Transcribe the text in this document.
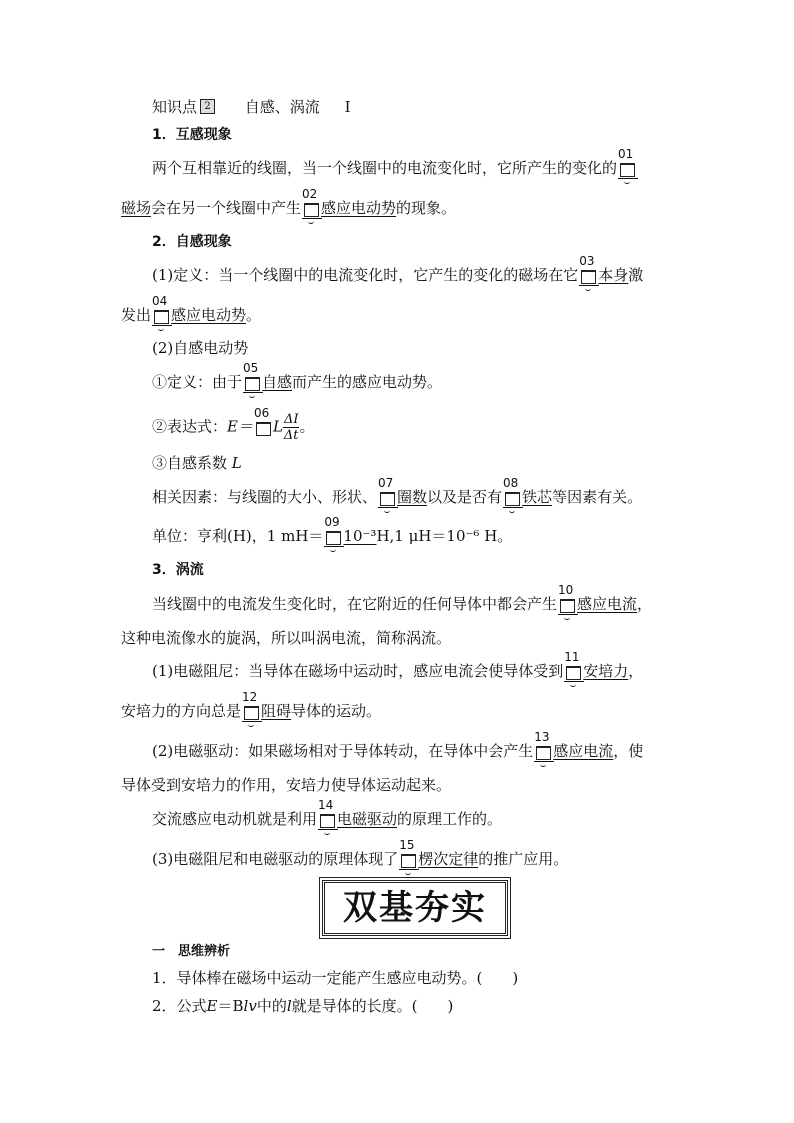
知识点 2 自感、涡流 Ⅰ
1．互感现象
两个互相靠近的线圈，当一个线圈中的电流变化时，它所产生的变化的
01
磁场会在另一个线圈中产生
02
感应电动势的现象。
2．自感现象
(1)定义：当一个线圈中的电流变化时，它产生的变化的磁场在它
03
本身激
发出
04
感应电动势。
(2)自感电动势
①定义：由于
05
自感而产生的感应电动势。
②表达式：E＝
06
L $\frac{\Delta I}{\Delta t}$ 。
③自感系数 L
相关因素：与线圈的大小、形状、
07
圈数以及是否有
08
铁芯等因素有关。
单位：亨利(H)，1 mH＝
09
10⁻³H,1 μH＝10⁻⁶ H。
3．涡流
当线圈中的电流发生变化时，在它附近的任何导体中都会产生
10
感应电流，
这种电流像水的旋涡，所以叫涡电流，简称涡流。
(1)电磁阻尼：当导体在磁场中运动时，感应电流会使导体受到
11
安培力，
安培力的方向总是
12
阻碍导体的运动。
(2)电磁驱动：如果磁场相对于导体转动，在导体中会产生
13
感应电流，使
导体受到安培力的作用，安培力使导体运动起来。
交流感应电动机就是利用
14
电磁驱动的原理工作的。
(3)电磁阻尼和电磁驱动的原理体现了
15
楞次定律的推广应用。
双基夯实
一　思维辨析
1．导体棒在磁场中运动一定能产生感应电动势。(　　)
2．公式E＝Blv中的l就是导体的长度。(　　)
